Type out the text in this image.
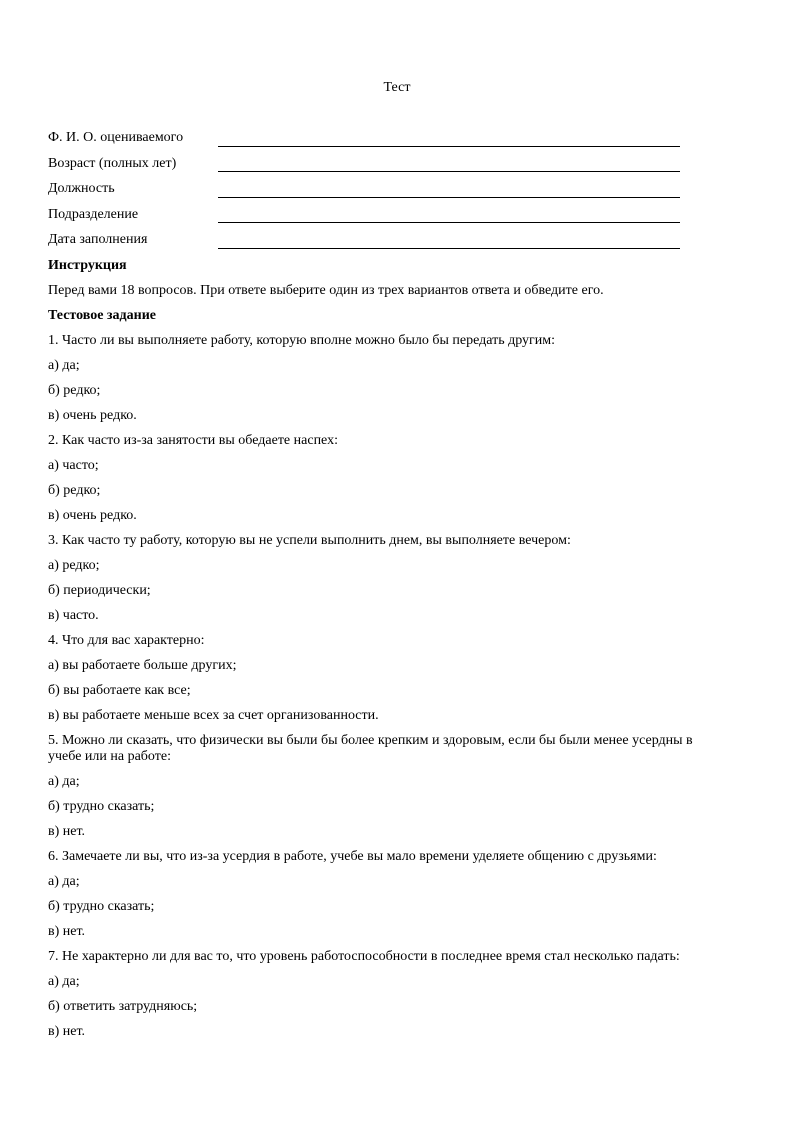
Тест
Ф. И. О. оцениваемого
Возраст (полных лет)
Должность
Подразделение
Дата заполнения

Инструкция

Перед вами 18 вопросов. При ответе выберите один из трех вариантов ответа и обведите его.

Тестовое задание

1. Часто ли вы выполняете работу, которую вполне можно было бы передать другим:

а) да;

б) редко;

в) очень редко.

2. Как часто из-за занятости вы обедаете наспех:

а) часто;

б) редко;

в) очень редко.

3. Как часто ту работу, которую вы не успели выполнить днем, вы выполняете вечером:

а) редко;

б) периодически;

в) часто.

4. Что для вас характерно:

а) вы работаете больше других;

б) вы работаете как все;

в) вы работаете меньше всех за счет организованности.

5. Можно ли сказать, что физически вы были бы более крепким и здоровым, если бы были менее усердны в учебе или на работе:

а) да;

б) трудно сказать;

в) нет.

6. Замечаете ли вы, что из-за усердия в работе, учебе вы мало времени уделяете общению с друзьями:

а) да;

б) трудно сказать;

в) нет.

7. Не характерно ли для вас то, что уровень работоспособности в последнее время стал несколько падать:

а) да;

б) ответить затрудняюсь;

в) нет.
